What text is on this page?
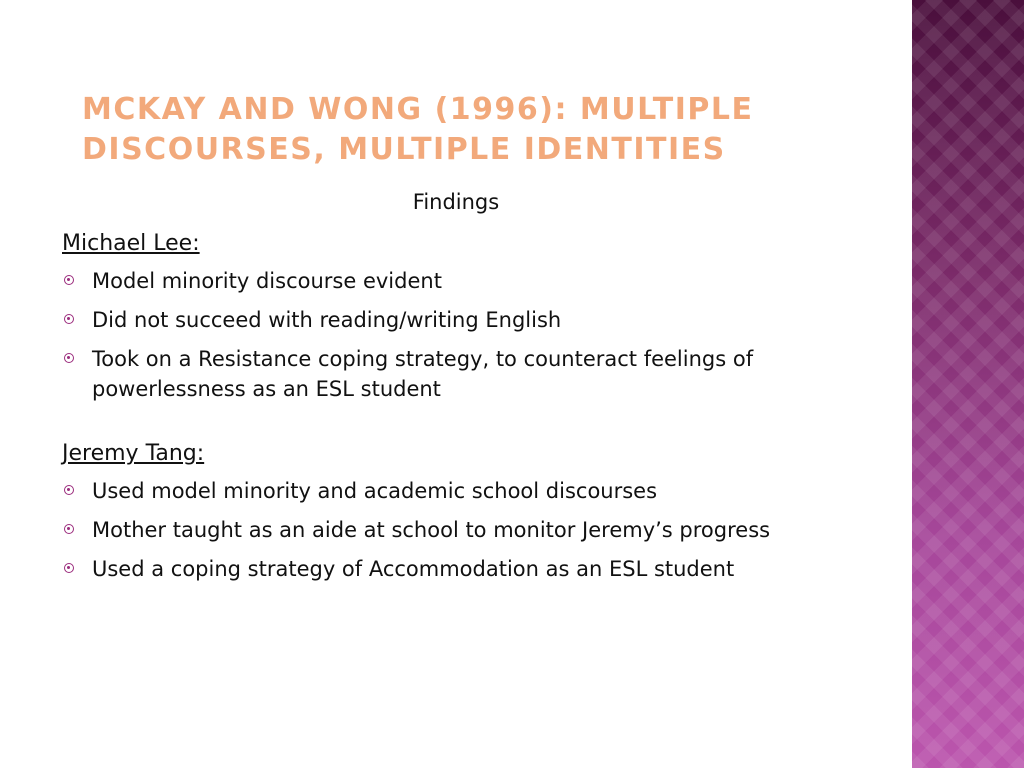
MCKAY AND WONG (1996): MULTIPLE
DISCOURSES, MULTIPLE IDENTITIES
Findings
Michael Lee:
Model minority discourse evident
Did not succeed with reading/writing English
Took on a Resistance coping strategy, to counteract feelings of powerlessness as an ESL student
Jeremy Tang:
Used model minority and academic school discourses
Mother taught as an aide at school to monitor Jeremy’s progress
Used a coping strategy of Accommodation as an ESL student
